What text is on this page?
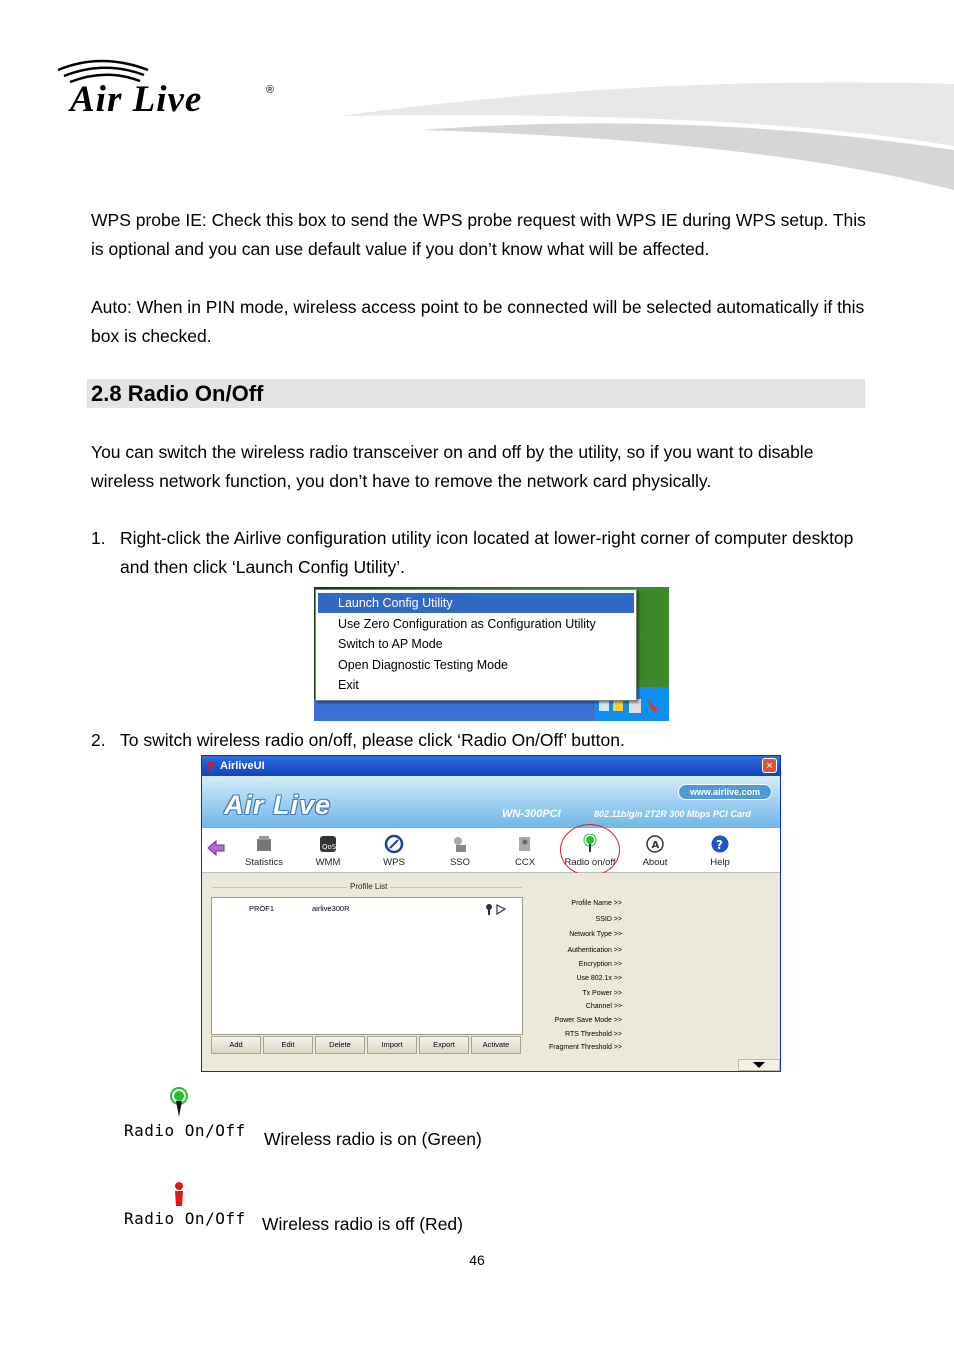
Air Live	®
WPS probe IE: Check this box to send the WPS probe request with WPS IE during WPS setup. This is optional and you can use default value if you don’t know what will be affected.
Auto: When in PIN mode, wireless access point to be connected will be selected automatically if this box is checked.
2.8 Radio On/Off
You can switch the wireless radio transceiver on and off by the utility, so if you want to disable wireless network function, you don’t have to remove the network card physically.
1. Right-click the Airlive configuration utility icon located at lower-right corner of computer desktop and then click ‘Launch Config Utility’.
Launch Config Utility
Use Zero Configuration as Configuration Utility
Switch to AP Mode
Open Diagnostic Testing Mode
Exit
2. To switch wireless radio on/off, please click ‘Radio On/Off’ button.
AirliveUI	×
Air Live	www.airlive.com
WN-300PCI	802.11b/g/n 2T2R 300 Mbps PCI Card
Statistics
QoS
WMM	WPS	SSO	CCX	Radio on/off
A
About
?
Help
Profile List
PROF1	airlive300R
Add	Edit	Delete	Import	Export	Activate
Profile Name >>
SSID >>
Network Type >>
Authentication >>
Encryption >>
Use 802.1x >>
Tx Power >>
Channel >>
Power Save Mode >>
RTS Threshold >>
Fragment Threshold >>
Radio On/Off Wireless radio is on (Green)
Radio On/Off Wireless radio is off (Red)
46
